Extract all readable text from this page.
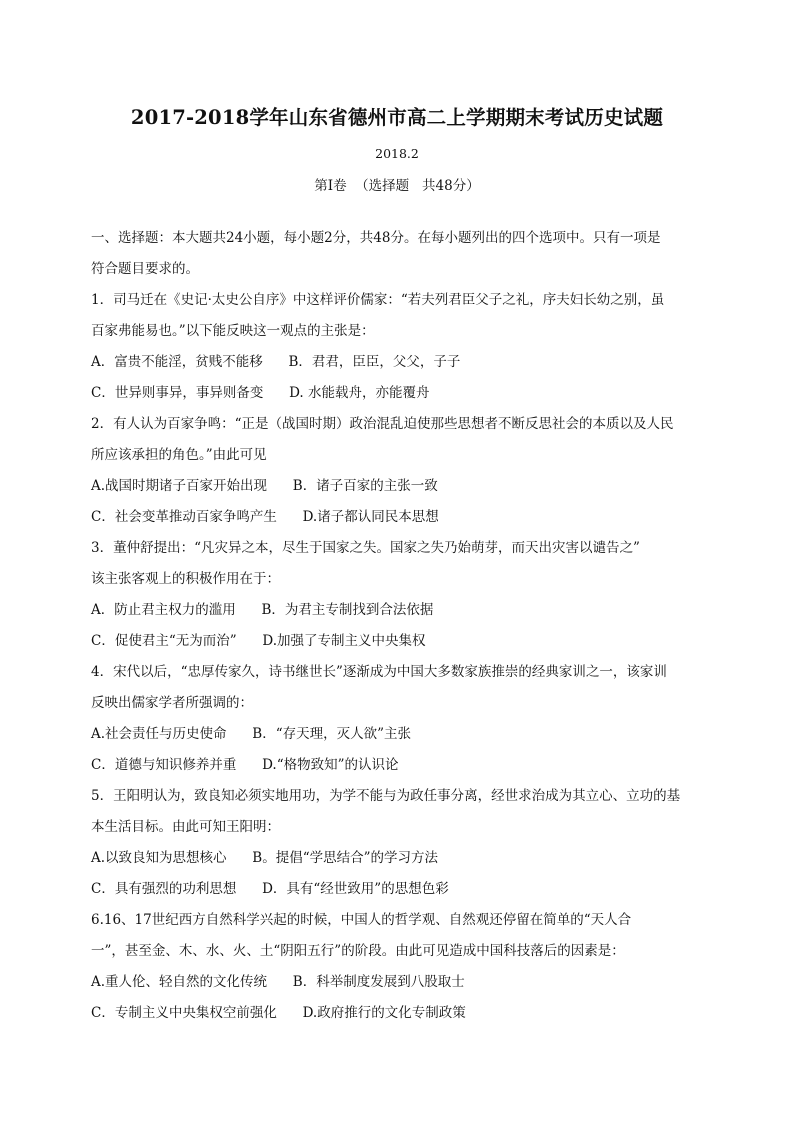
2017-2018学年山东省德州市高二上学期期末考试历史试题
2018.2
第I卷  （选择题   共48分）
一、选择题：本大题共24小题，每小题2分，共48分。在每小题列出的四个选项中。只有一项是
符合题目要求的。
1．司马迁在《史记·太史公自序》中这样评价儒家：“若夫列君臣父子之礼，序夫妇长幼之别，虽
百家弗能易也。”以下能反映这一观点的主张是：
A．富贵不能淫，贫贱不能移      B．君君，臣臣，父父，子子
C．世异则事异，事异则备变      D. 水能载舟，亦能覆舟
2．有人认为百家争鸣：“正是（战国时期）政治混乱迫使那些思想者不断反思社会的本质以及人民
所应该承担的角色。”由此可见
A.战国时期诸子百家开始出现      B．诸子百家的主张一致
C．社会变革推动百家争鸣产生      D.诸子都认同民本思想
3．董仲舒提出：“凡灾异之本，尽生于国家之失。国家之失乃始萌芽，而天出灾害以谴告之”
该主张客观上的积极作用在于：
A．防止君主权力的滥用      B．为君主专制找到合法依据
C．促使君主“无为而治”      D.加强了专制主义中央集权
4．宋代以后，“忠厚传家久，诗书继世长”逐渐成为中国大多数家族推崇的经典家训之一，该家训
反映出儒家学者所强调的：
A.社会责任与历史使命      B．“存天理，灭人欲”主张
C．道德与知识修养并重      D.“格物致知”的认识论
5．王阳明认为，致良知必须实地用功，为学不能与为政任事分离，经世求治成为其立心、立功的基
本生活目标。由此可知王阳明：
A.以致良知为思想核心      B。提倡“学思结合”的学习方法
C．具有强烈的功利思想      D．具有“经世致用”的思想色彩
6.16、17世纪西方自然科学兴起的时候，中国人的哲学观、自然观还停留在简单的“天人合
一”，甚至金、木、水、火、土“阴阳五行”的阶段。由此可见造成中国科技落后的因素是：
A.重人伦、轻自然的文化传统      B．科举制度发展到八股取士
C．专制主义中央集权空前强化      D.政府推行的文化专制政策
